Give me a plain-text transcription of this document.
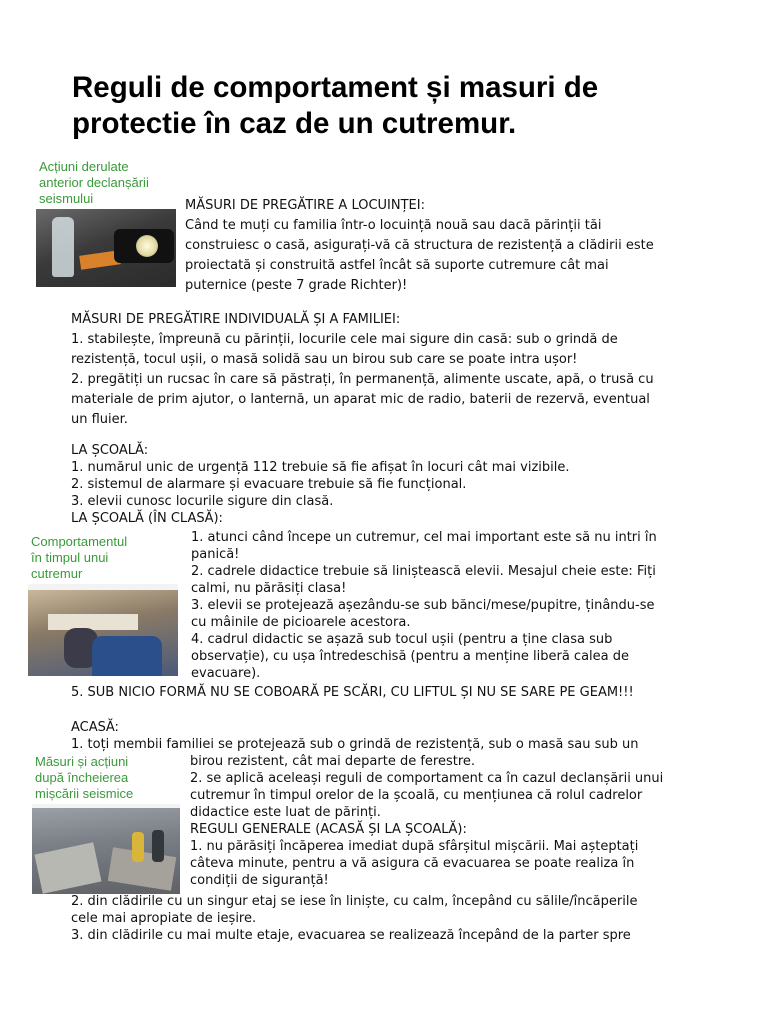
Reguli de comportament și masuri de
protectie în caz de un cutremur.
Acțiuni derulate
anterior declanșării
seismului	MĂSURI DE PREGĂTIRE A LOCUINȚEI:
Când te muți cu familia într-o locuință nouă sau dacă părinții tăi
construiesc o casă, asigurați-vă că structura de rezistență a clădirii este
proiectată și construită astfel încât să suporte cutremure cât mai
puternice (peste 7 grade Richter)!
MĂSURI DE PREGĂTIRE INDIVIDUALĂ ȘI A FAMILIEI:
1. stabilește, împreună cu părinții, locurile cele mai sigure din casă: sub o grindă de
rezistență, tocul ușii, o masă solidă sau un birou sub care se poate intra ușor!
2. pregătiți un rucsac în care să păstrați, în permanență, alimente uscate, apă, o trusă cu
materiale de prim ajutor, o lanternă, un aparat mic de radio, baterii de rezervă, eventual
un fluier.
LA ȘCOALĂ:
1. numărul unic de urgență 112 trebuie să fie afișat în locuri cât mai vizibile.
2. sistemul de alarmare și evacuare trebuie să fie funcțional.
3. elevii cunosc locurile sigure din clasă.
LA ȘCOALĂ (ÎN CLASĂ):
Comportamentul
în timpul unui
cutremur
1. atunci când începe un cutremur, cel mai important este să nu intri în
panică!
2. cadrele didactice trebuie să liniștească elevii. Mesajul cheie este: Fiți
calmi, nu părăsiți clasa!
3. elevii se protejează așezându-se sub bănci/mese/pupitre, ținându-se
cu mâinile de picioarele acestora.
4. cadrul didactic se așază sub tocul ușii (pentru a ține clasa sub
observație), cu ușa întredeschisă (pentru a menține liberă calea de
evacuare).
5. SUB NICIO FORMĂ NU SE COBOARĂ PE SCĂRI, CU LIFTUL ȘI NU SE SARE PE GEAM!!!
ACASĂ:
1. toți membii familiei se protejează sub o grindă de rezistență, sub o masă sau sub un
Măsuri și acțiuni
după încheierea
mișcării seismice
birou rezistent, cât mai departe de ferestre.
2. se aplică aceleași reguli de comportament ca în cazul declanșării unui
cutremur în timpul orelor de la școală, cu mențiunea că rolul cadrelor
didactice este luat de părinți.
REGULI GENERALE (ACASĂ ȘI LA ȘCOALĂ):
1. nu părăsiți încăperea imediat după sfârșitul mișcării. Mai așteptați
câteva minute, pentru a vă asigura că evacuarea se poate realiza în
condiții de siguranță!
2. din clădirile cu un singur etaj se iese în liniște, cu calm, începând cu sălile/încăperile
cele mai apropiate de ieșire.
3. din clădirile cu mai multe etaje, evacuarea se realizează începând de la parter spre
